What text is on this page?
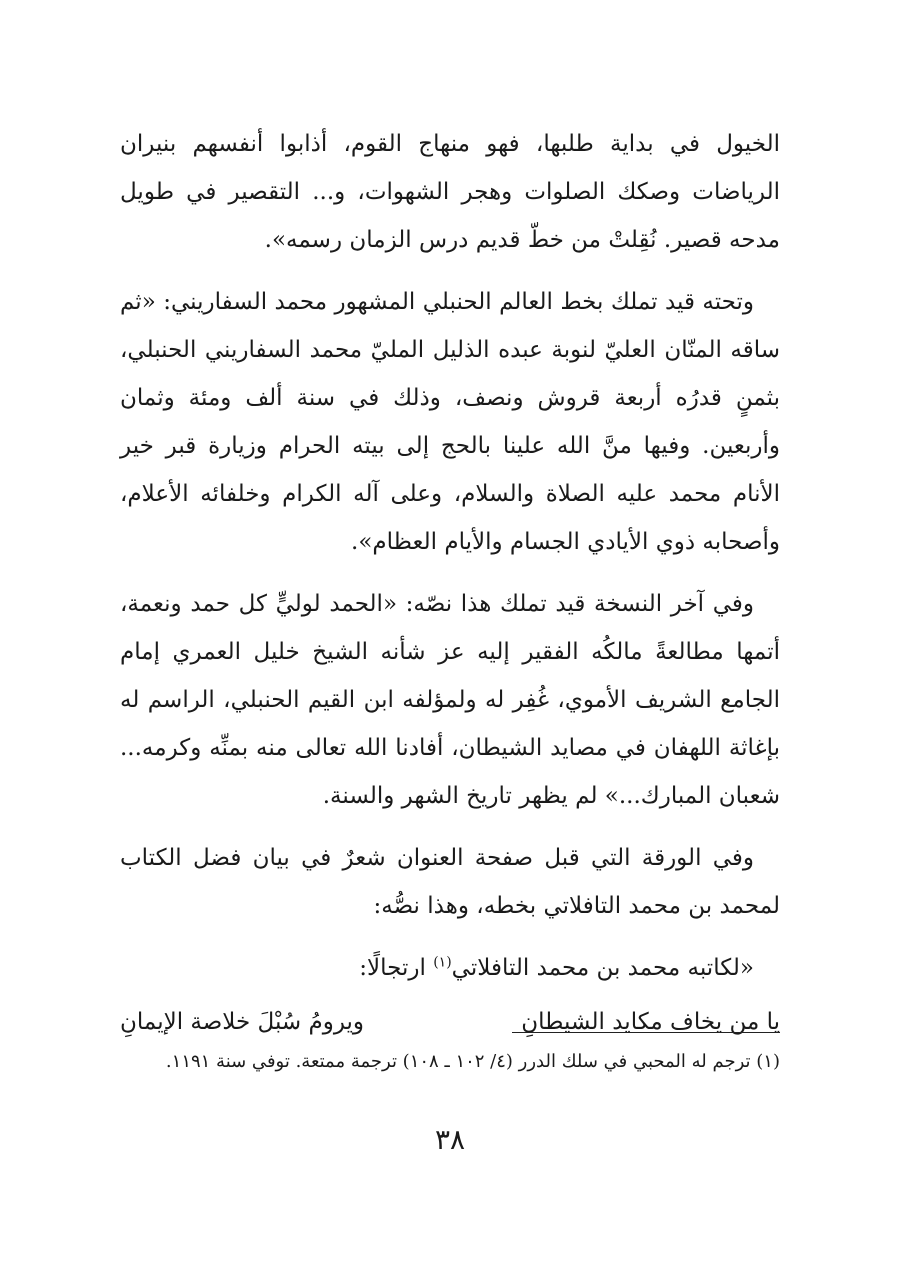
الخيول في بداية طلبها، فهو منهاج القوم، أذابوا أنفسهم بنيران الرياضات وصكك الصلوات وهجر الشهوات، و... التقصير في طويل مدحه قصير. نُقِلتْ من خطّ قديم درس الزمان رسمه».

وتحته قيد تملك بخط العالم الحنبلي المشهور محمد السفاريني: «ثم ساقه المنّان العليّ لنوبة عبده الذليل المليّ محمد السفاريني الحنبلي، بثمنٍ قدرُه أربعة قروش ونصف، وذلك في سنة ألف ومئة وثمان وأربعين. وفيها منَّ الله علينا بالحج إلى بيته الحرام وزيارة قبر خير الأنام محمد عليه الصلاة والسلام، وعلى آله الكرام وخلفائه الأعلام، وأصحابه ذوي الأيادي الجسام والأيام العظام».

وفي آخر النسخة قيد تملك هذا نصّه: «الحمد لوليٍّ كل حمد ونعمة، أتمها مطالعةً مالكُه الفقير إليه عز شأنه الشيخ خليل العمري إمام الجامع الشريف الأموي، غُفِر له ولمؤلفه ابن القيم الحنبلي، الراسم له بإغاثة اللهفان في مصايد الشيطان، أفادنا الله تعالى منه بمنِّه وكرمه... شعبان المبارك...» لم يظهر تاريخ الشهر والسنة.

وفي الورقة التي قبل صفحة العنوان شعرٌ في بيان فضل الكتاب لمحمد بن محمد التافلاتي بخطه، وهذا نصُّه:

«لكاتبه محمد بن محمد التافلاتي$^{(١)}$ ارتجالًا:
يا من يخاف مكايد الشيطانِ
ويرومُ سُبْلَ خلاصة الإيمانِ
(١) ترجم له المحبي في سلك الدرر (٤/ ١٠٢ ـ ١٠٨) ترجمة ممتعة. توفي سنة ١١٩١.
٣٨
